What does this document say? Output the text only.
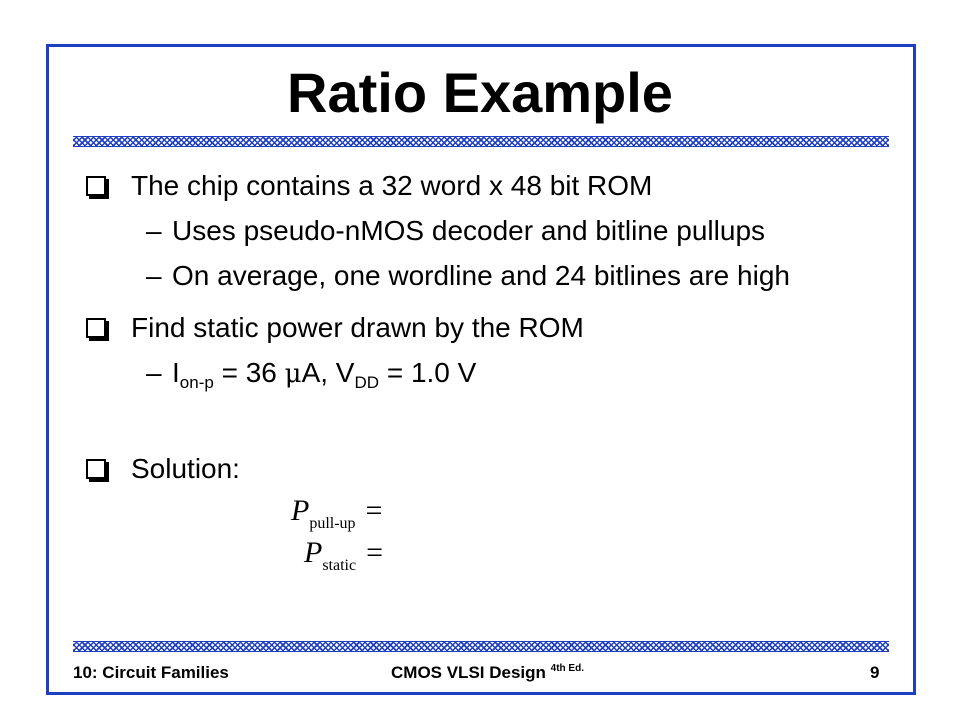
Ratio Example
The chip contains a 32 word x 48 bit ROM
– Uses pseudo-nMOS decoder and bitline pullups
– On average, one wordline and 24 bitlines are high
Find static power drawn by the ROM
– $I_{on-p} = 36$ μA, $V_{DD} = 1.0$ V
Solution:
$P_{pull-up}$ =
$P_{static}$ =
10: Circuit Families	CMOS VLSI Design $^{4th Ed.}$	9
